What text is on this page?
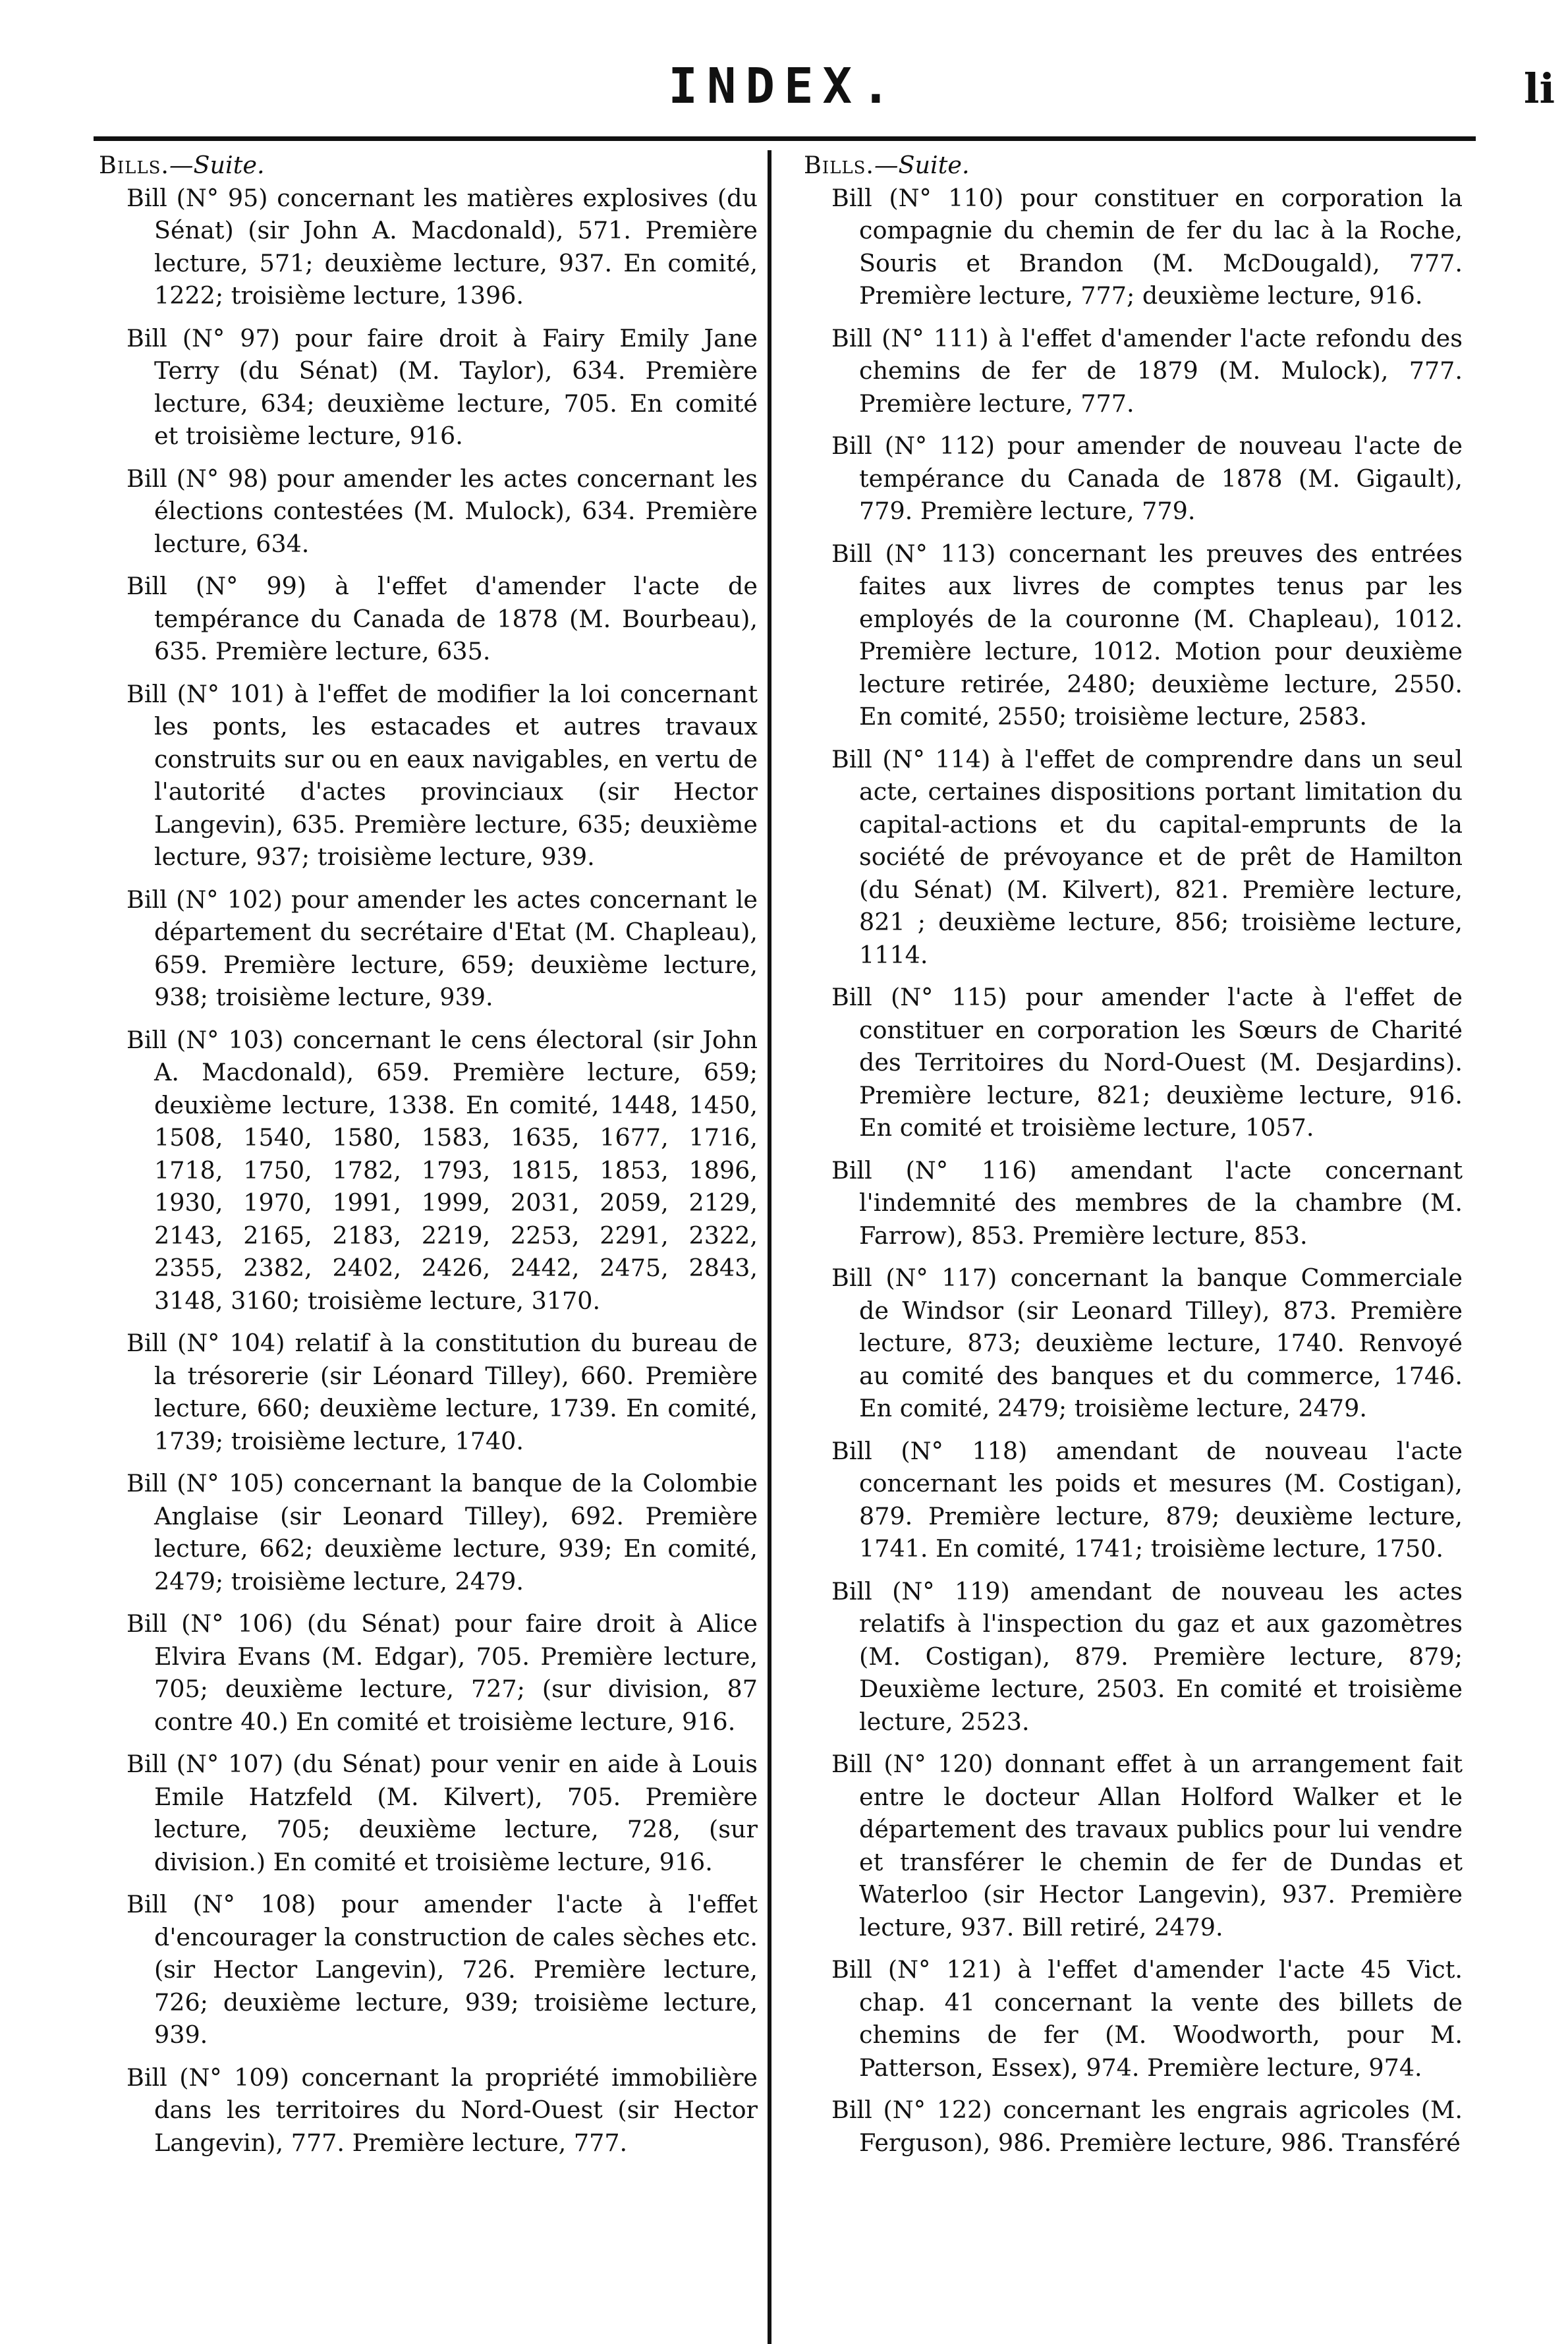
INDEX.	li
Bills.—Suite.
Bill (N° 95) concernant les matières explosives (du Sénat) (sir John A. Macdonald), 571. Première lecture, 571; deuxième lecture, 937. En comité, 1222; troisième lecture, 1396.
Bill (N° 97) pour faire droit à Fairy Emily Jane Terry (du Sénat) (M. Taylor), 634. Première lecture, 634; deuxième lecture, 705. En comité et troisième lecture, 916.
Bill (N° 98) pour amender les actes concernant les élections contestées (M. Mulock), 634. Première lecture, 634.
Bill (N° 99) à l'effet d'amender l'acte de tempérance du Canada de 1878 (M. Bourbeau), 635. Première lecture, 635.
Bill (N° 101) à l'effet de modifier la loi concernant les ponts, les estacades et autres travaux construits sur ou en eaux navigables, en vertu de l'autorité d'actes provinciaux (sir Hector Langevin), 635. Première lecture, 635; deuxième lecture, 937; troisième lecture, 939.
Bill (N° 102) pour amender les actes concernant le département du secrétaire d'Etat (M. Chapleau), 659. Première lecture, 659; deuxième lecture, 938; troisième lecture, 939.
Bill (N° 103) concernant le cens électoral (sir John A. Macdonald), 659. Première lecture, 659; deuxième lecture, 1338. En comité, 1448, 1450, 1508, 1540, 1580, 1583, 1635, 1677, 1716, 1718, 1750, 1782, 1793, 1815, 1853, 1896, 1930, 1970, 1991, 1999, 2031, 2059, 2129, 2143, 2165, 2183, 2219, 2253, 2291, 2322, 2355, 2382, 2402, 2426, 2442, 2475, 2843, 3148, 3160; troisième lecture, 3170.
Bill (N° 104) relatif à la constitution du bureau de la trésorerie (sir Léonard Tilley), 660. Première lecture, 660; deuxième lecture, 1739. En comité, 1739; troisième lecture, 1740.
Bill (N° 105) concernant la banque de la Colombie Anglaise (sir Leonard Tilley), 692. Première lecture, 662; deuxième lecture, 939; En comité, 2479; troisième lecture, 2479.
Bill (N° 106) (du Sénat) pour faire droit à Alice Elvira Evans (M. Edgar), 705. Première lecture, 705; deuxième lecture, 727; (sur division, 87 contre 40.) En comité et troisième lecture, 916.
Bill (N° 107) (du Sénat) pour venir en aide à Louis Emile Hatzfeld (M. Kilvert), 705. Première lecture, 705; deuxième lecture, 728, (sur division.) En comité et troisième lecture, 916.
Bill (N° 108) pour amender l'acte à l'effet d'encourager la construction de cales sèches etc. (sir Hector Langevin), 726. Première lecture, 726; deuxième lecture, 939; troisième lecture, 939.
Bill (N° 109) concernant la propriété immobilière dans les territoires du Nord-Ouest (sir Hector Langevin), 777. Première lecture, 777.
Bills.—Suite.
Bill (N° 110) pour constituer en corporation la compagnie du chemin de fer du lac à la Roche, Souris et Brandon (M. McDougald), 777. Première lecture, 777; deuxième lecture, 916.
Bill (N° 111) à l'effet d'amender l'acte refondu des chemins de fer de 1879 (M. Mulock), 777. Première lecture, 777.
Bill (N° 112) pour amender de nouveau l'acte de tempérance du Canada de 1878 (M. Gigault), 779. Première lecture, 779.
Bill (N° 113) concernant les preuves des entrées faites aux livres de comptes tenus par les employés de la couronne (M. Chapleau), 1012. Première lecture, 1012. Motion pour deuxième lecture retirée, 2480; deuxième lecture, 2550. En comité, 2550; troisième lecture, 2583.
Bill (N° 114) à l'effet de comprendre dans un seul acte, certaines dispositions portant limitation du capital-actions et du capital-emprunts de la société de prévoyance et de prêt de Hamilton (du Sénat) (M. Kilvert), 821. Première lecture, 821 ; deuxième lecture, 856; troisième lecture, 1114.
Bill (N° 115) pour amender l'acte à l'effet de constituer en corporation les Sœurs de Charité des Territoires du Nord-Ouest (M. Desjardins). Première lecture, 821; deuxième lecture, 916. En comité et troisième lecture, 1057.
Bill (N° 116) amendant l'acte concernant l'indemnité des membres de la chambre (M. Farrow), 853. Première lecture, 853.
Bill (N° 117) concernant la banque Commerciale de Windsor (sir Leonard Tilley), 873. Première lecture, 873; deuxième lecture, 1740. Renvoyé au comité des banques et du commerce, 1746. En comité, 2479; troisième lecture, 2479.
Bill (N° 118) amendant de nouveau l'acte concernant les poids et mesures (M. Costigan), 879. Première lecture, 879; deuxième lecture, 1741. En comité, 1741; troisième lecture, 1750.
Bill (N° 119) amendant de nouveau les actes relatifs à l'inspection du gaz et aux gazomètres (M. Costigan), 879. Première lecture, 879; Deuxième lecture, 2503. En comité et troisième lecture, 2523.
Bill (N° 120) donnant effet à un arrangement fait entre le docteur Allan Holford Walker et le département des travaux publics pour lui vendre et transférer le chemin de fer de Dundas et Waterloo (sir Hector Langevin), 937. Première lecture, 937. Bill retiré, 2479.
Bill (N° 121) à l'effet d'amender l'acte 45 Vict. chap. 41 concernant la vente des billets de chemins de fer (M. Woodworth, pour M. Patterson, Essex), 974. Première lecture, 974.
Bill (N° 122) concernant les engrais agricoles (M. Ferguson), 986. Première lecture, 986. Transféré
